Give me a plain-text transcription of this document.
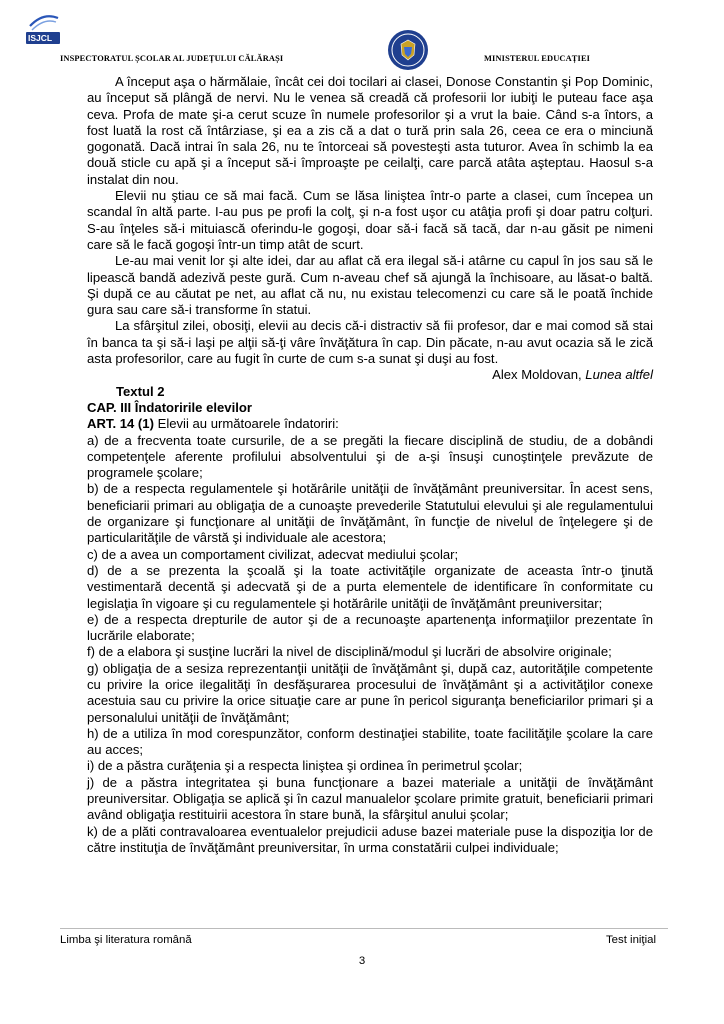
ISJCL
INSPECTORATUL ȘCOLAR AL JUDEȚULUI CĂLĂRAȘI	MINISTERUL EDUCAȚIEI

A început aşa o hărmălaie, încât cei doi tocilari ai clasei, Donose Constantin şi Pop Dominic, au început să plângă de nervi. Nu le venea să creadă că profesorii lor iubiţi le puteau face aşa ceva. Profa de mate şi-a cerut scuze în numele profesorilor şi a vrut la baie. Când s-a întors, a fost luată la rost că întârziase, şi ea a zis că a dat o tură prin sala 26, ceea ce era o minciună gogonată. Dacă intrai în sala 26, nu te întorceai să povesteşti asta tuturor. Avea în schimb la ea două sticle cu apă şi a început să-i împroaşte pe ceilalţi, care parcă atâta aşteptau. Haosul s-a instalat din nou.

Elevii nu ştiau ce să mai facă. Cum se lăsa liniştea într-o parte a clasei, cum începea un scandal în altă parte. I-au pus pe profi la colţ, şi n-a fost uşor cu atâţia profi şi doar patru colţuri. S-au înţeles să-i mituiască oferindu-le gogoşi, doar să-i facă să tacă, dar n-au găsit pe nimeni care să le facă gogoşi într-un timp atât de scurt.

Le-au mai venit lor şi alte idei, dar au aflat că era ilegal să-i atârne cu capul în jos sau să le lipească bandă adezivă peste gură. Cum n-aveau chef să ajungă la închisoare, au lăsat-o baltă. Şi după ce au căutat pe net, au aflat că nu, nu existau telecomenzi cu care să le poată închide gura sau care să-i transforme în statui.

La sfârşitul zilei, obosiţi, elevii au decis că-i distractiv să fii profesor, dar e mai comod să stai în banca ta şi să-i laşi pe alţii să-ţi vâre învăţătura în cap. Din păcate, n-au avut ocazia să le zică asta profesorilor, care au fugit în curte de cum s-a sunat şi duşi au fost.

Alex Moldovan, Lunea altfel

Textul 2

CAP. III Îndatoririle elevilor

ART. 14 (1) Elevii au următoarele îndatoriri:

a) de a frecventa toate cursurile, de a se pregăti la fiecare disciplină de studiu, de a dobândi competenţele aferente profilului absolventului şi de a-şi însuşi cunoştinţele prevăzute de programele şcolare;

b) de a respecta regulamentele şi hotărârile unităţii de învăţământ preuniversitar. În acest sens, beneficiarii primari au obligaţia de a cunoaşte prevederile Statutului elevului şi ale regulamentului de organizare şi funcţionare al unităţii de învăţământ, în funcţie de nivelul de înţelegere şi de particularităţile de vârstă şi individuale ale acestora;

c) de a avea un comportament civilizat, adecvat mediului şcolar;

d) de a se prezenta la şcoală şi la toate activităţile organizate de aceasta într-o ţinută vestimentară decentă şi adecvată şi de a purta elementele de identificare în conformitate cu legislaţia în vigoare şi cu regulamentele şi hotărârile unităţii de învăţământ preuniversitar;

e) de a respecta drepturile de autor şi de a recunoaşte apartenenţa informaţiilor prezentate în lucrările elaborate;

f) de a elabora şi susţine lucrări la nivel de disciplină/modul şi lucrări de absolvire originale;

g) obligaţia de a sesiza reprezentanţii unităţii de învăţământ şi, după caz, autorităţile competente cu privire la orice ilegalităţi în desfăşurarea procesului de învăţământ şi a activităţilor conexe acestuia sau cu privire la orice situaţie care ar pune în pericol siguranţa beneficiarilor primari şi a personalului unităţii de învăţământ;

h) de a utiliza în mod corespunzător, conform destinaţiei stabilite, toate facilităţile şcolare la care au acces;

i) de a păstra curăţenia şi a respecta liniştea şi ordinea în perimetrul şcolar;

j) de a păstra integritatea şi buna funcţionare a bazei materiale a unităţii de învăţământ preuniversitar. Obligaţia se aplică şi în cazul manualelor şcolare primite gratuit, beneficiarii primari având obligaţia restituirii acestora în stare bună, la sfârşitul anului şcolar;

k) de a plăti contravaloarea eventualelor prejudicii aduse bazei materiale puse la dispoziţia lor de către instituţia de învăţământ preuniversitar, în urma constatării culpei individuale;

Limba şi literatura română	Test iniţial
3
